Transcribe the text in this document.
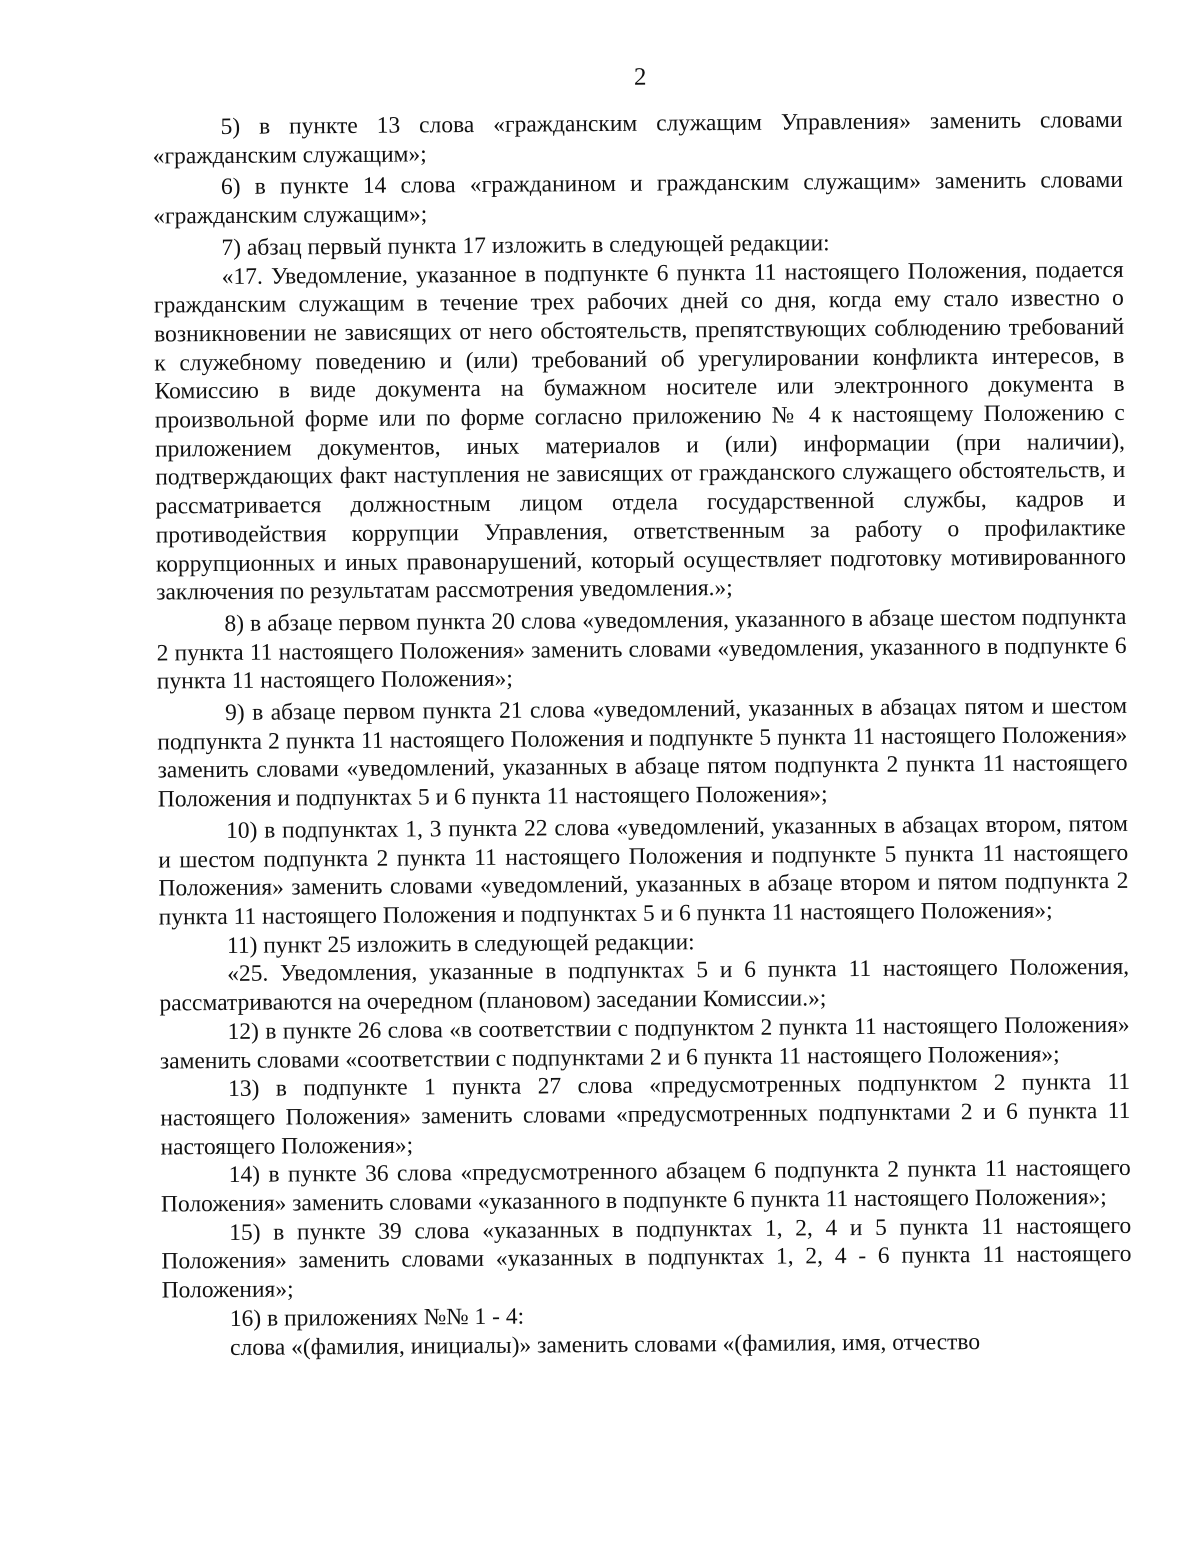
2

5) в пункте 13 слова «гражданским служащим Управления» заменить словами «гражданским служащим»;

6) в пункте 14 слова «гражданином и гражданским служащим» заменить словами «гражданским служащим»;

7) абзац первый пункта 17 изложить в следующей редакции:

«17. Уведомление, указанное в подпункте 6 пункта 11 настоящего Положения, подается гражданским служащим в течение трех рабочих дней со дня, когда ему стало известно о возникновении не зависящих от него обстоятельств, препятствующих соблюдению требований к служебному поведению и (или) требований об урегулировании конфликта интересов, в Комиссию в виде документа на бумажном носителе или электронного документа в произвольной форме или по форме согласно приложению № 4 к настоящему Положению с приложением документов, иных материалов и (или) информации (при наличии), подтверждающих факт наступления не зависящих от гражданского служащего обстоятельств, и рассматривается должностным лицом отдела государственной службы, кадров и противодействия коррупции Управления, ответственным за работу о профилактике коррупционных и иных правонарушений, который осуществляет подготовку мотивированного заключения по результатам рассмотрения уведомления.»;

8) в абзаце первом пункта 20 слова «уведомления, указанного в абзаце шестом подпункта 2 пункта 11 настоящего Положения» заменить словами «уведомления, указанного в подпункте 6 пункта 11 настоящего Положения»;

9) в абзаце первом пункта 21 слова «уведомлений, указанных в абзацах пятом и шестом подпункта 2 пункта 11 настоящего Положения и подпункте 5 пункта 11 настоящего Положения» заменить словами «уведомлений, указанных в абзаце пятом подпункта 2 пункта 11 настоящего Положения и подпунктах 5 и 6 пункта 11 настоящего Положения»;

10) в подпунктах 1, 3 пункта 22 слова «уведомлений, указанных в абзацах втором, пятом и шестом подпункта 2 пункта 11 настоящего Положения и подпункте 5 пункта 11 настоящего Положения» заменить словами «уведомлений, указанных в абзаце втором и пятом подпункта 2 пункта 11 настоящего Положения и подпунктах 5 и 6 пункта 11 настоящего Положения»;

11) пункт 25 изложить в следующей редакции:

«25. Уведомления, указанные в подпунктах 5 и 6 пункта 11 настоящего Положения, рассматриваются на очередном (плановом) заседании Комиссии.»;

12) в пункте 26 слова «в соответствии с подпунктом 2 пункта 11 настоящего Положения» заменить словами «соответствии с подпунктами 2 и 6 пункта 11 настоящего Положения»;

13) в подпункте 1 пункта 27 слова «предусмотренных подпунктом 2 пункта 11 настоящего Положения» заменить словами «предусмотренных подпунктами 2 и 6 пункта 11 настоящего Положения»;

14) в пункте 36 слова «предусмотренного абзацем 6 подпункта 2 пункта 11 настоящего Положения» заменить словами «указанного в подпункте 6 пункта 11 настоящего Положения»;

15) в пункте 39 слова «указанных в подпунктах 1, 2, 4 и 5 пункта 11 настоящего Положения» заменить словами «указанных в подпунктах 1, 2, 4 - 6 пункта 11 настоящего Положения»;

16) в приложениях №№ 1 - 4:

слова «(фамилия, инициалы)» заменить словами «(фамилия, имя, отчество
